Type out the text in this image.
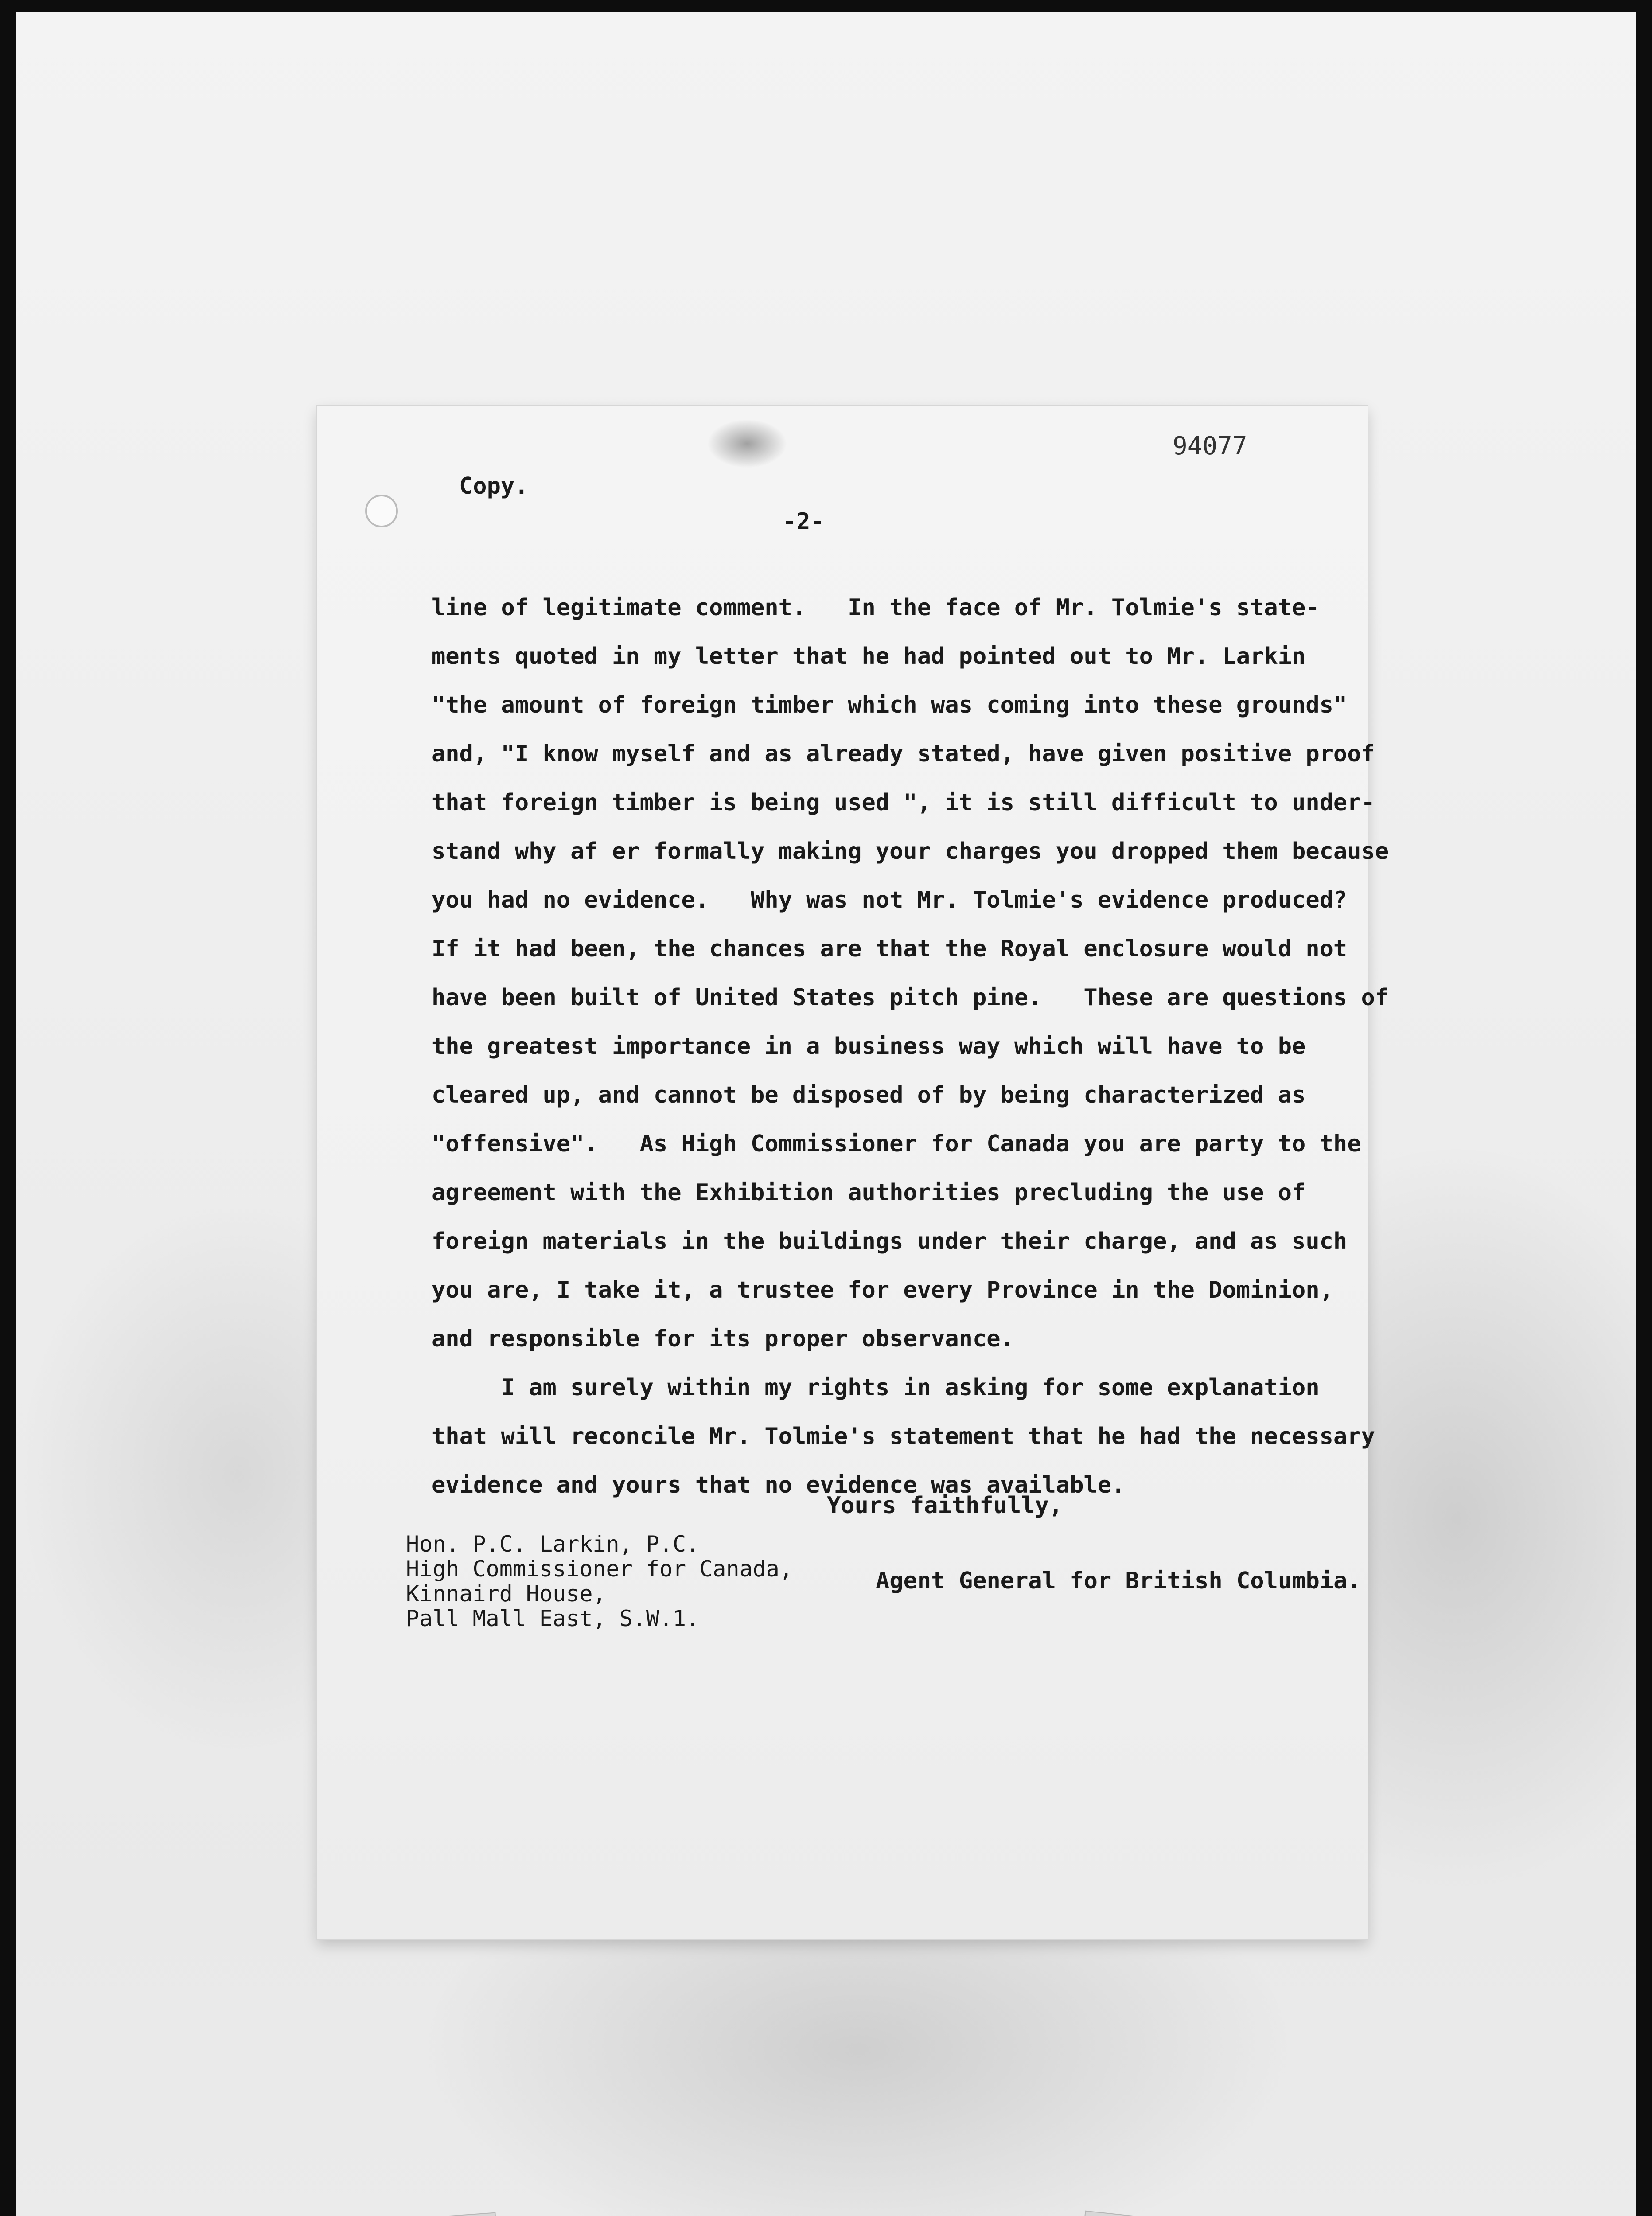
94077
Copy.
-2-
line of legitimate comment.   In the face of Mr. Tolmie's state-
ments quoted in my letter that he had pointed out to Mr. Larkin
"the amount of foreign timber which was coming into these grounds"
and, "I know myself and as already stated, have given positive proof
that foreign timber is being used ", it is still difficult to under-
stand why af er formally making your charges you dropped them because
you had no evidence.   Why was not Mr. Tolmie's evidence produced?
If it had been, the chances are that the Royal enclosure would not
have been built of United States pitch pine.   These are questions of
the greatest importance in a business way which will have to be
cleared up, and cannot be disposed of by being characterized as
"offensive".   As High Commissioner for Canada you are party to the
agreement with the Exhibition authorities precluding the use of
foreign materials in the buildings under their charge, and as such
you are, I take it, a trustee for every Province in the Dominion,
and responsible for its proper observance.
I am surely within my rights in asking for some explanation
that will reconcile Mr. Tolmie's statement that he had the necessary
evidence and yours that no evidence was available.
Yours faithfully,
Hon. P.C. Larkin, P.C.
High Commissioner for Canada,
Kinnaird House,
Pall Mall East, S.W.1.
Agent General for British Columbia.
